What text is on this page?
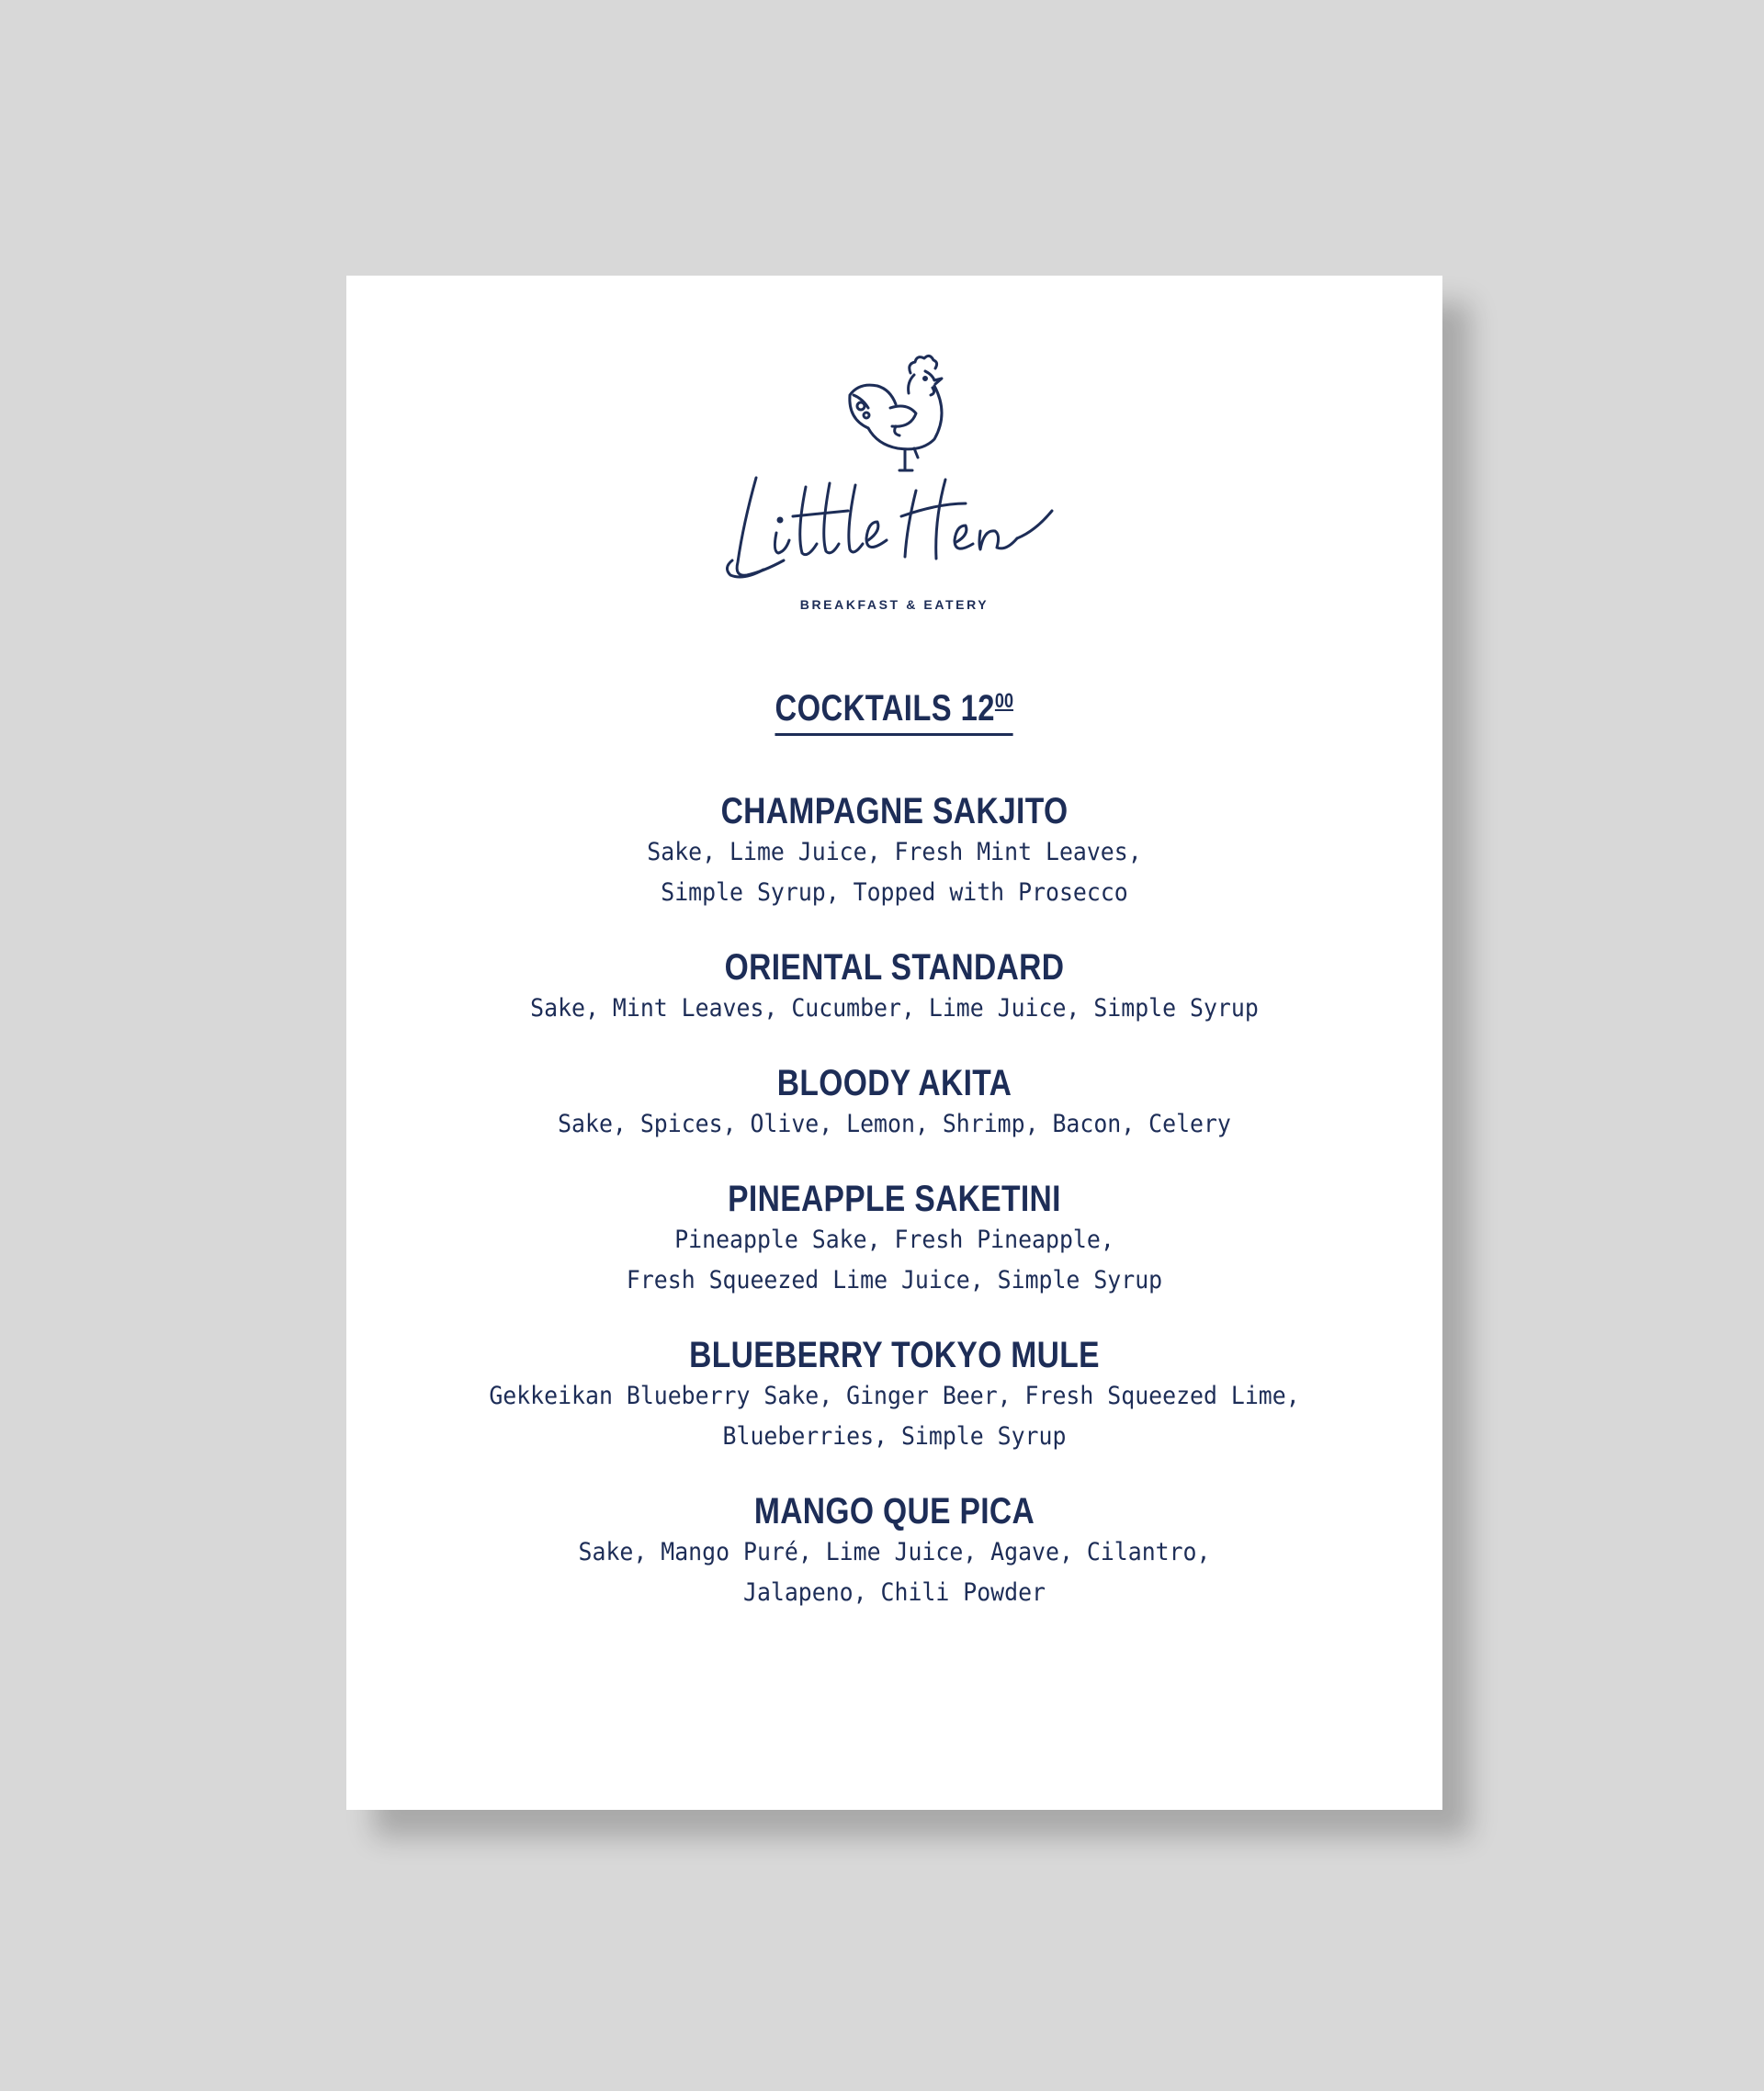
BREAKFAST & EATERY
COCKTAILS $12^{00}$
CHAMPAGNE SAKJITO
Sake, Lime Juice, Fresh Mint Leaves,
Simple Syrup, Topped with Prosecco
ORIENTAL STANDARD
Sake, Mint Leaves, Cucumber, Lime Juice, Simple Syrup
BLOODY AKITA
Sake, Spices, Olive, Lemon, Shrimp, Bacon, Celery
PINEAPPLE SAKETINI
Pineapple Sake, Fresh Pineapple,
Fresh Squeezed Lime Juice, Simple Syrup
BLUEBERRY TOKYO MULE
Gekkeikan Blueberry Sake, Ginger Beer, Fresh Squeezed Lime,
Blueberries, Simple Syrup
MANGO QUE PICA
Sake, Mango Puré, Lime Juice, Agave, Cilantro,
Jalapeno, Chili Powder
